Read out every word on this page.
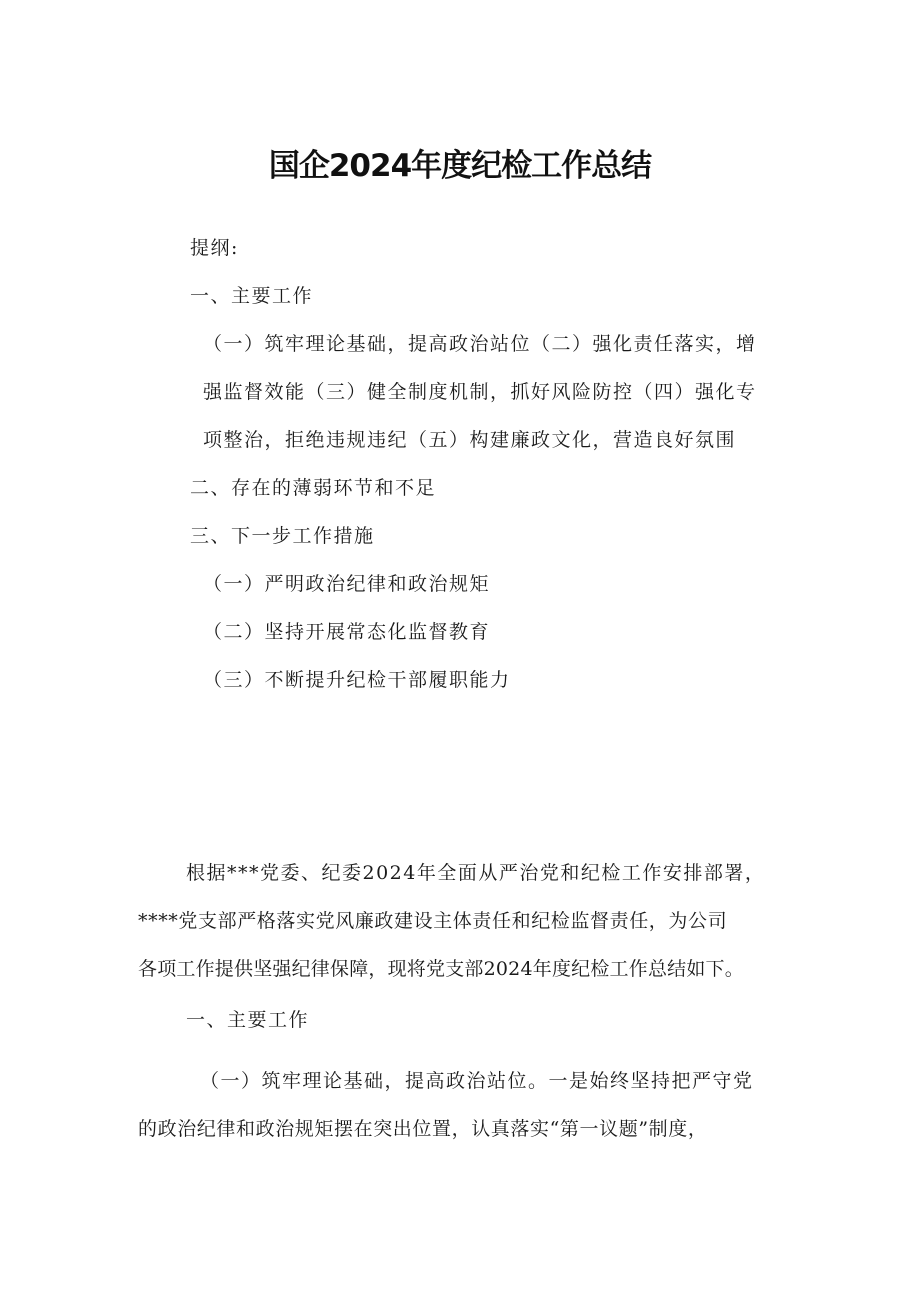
国企2024年度纪检工作总结
提纲:
一、主要工作
（一）筑牢理论基础，提高政治站位（二）强化责任落实，增
强监督效能（三）健全制度机制，抓好风险防控（四）强化专
项整治，拒绝违规违纪（五）构建廉政文化，营造良好氛围
二、存在的薄弱环节和不足
三、下一步工作措施
（一）严明政治纪律和政治规矩
（二）坚持开展常态化监督教育
（三）不断提升纪检干部履职能力
根据***党委、纪委2024年全面从严治党和纪检工作安排部署，
****党支部严格落实党风廉政建设主体责任和纪检监督责任，为公司
各项工作提供坚强纪律保障，现将党支部2024年度纪检工作总结如下。
一、主要工作
（一）筑牢理论基础，提高政治站位。一是始终坚持把严守党
的政治纪律和政治规矩摆在突出位置，认真落实“第一议题”制度，
